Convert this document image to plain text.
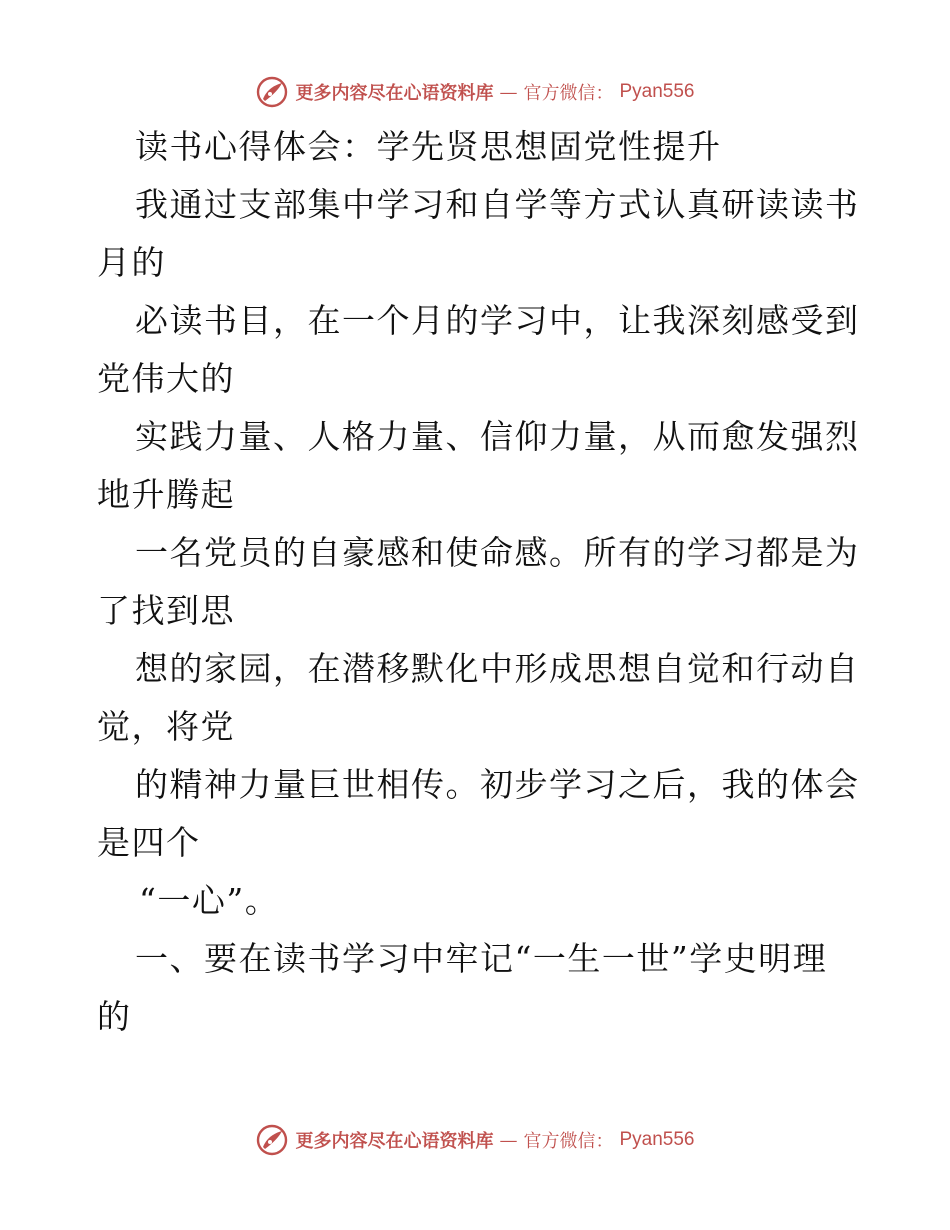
更多内容尽在心语资料库 — 官方微信： Pyan556
读书心得体会：学先贤思想固党性提升
我通过支部集中学习和自学等方式认真研读读书
月的
必读书目，在一个月的学习中，让我深刻感受到
党伟大的
实践力量、人格力量、信仰力量，从而愈发强烈
地升腾起
一名党员的自豪感和使命感。所有的学习都是为
了找到思
想的家园，在潜移默化中形成思想自觉和行动自
觉，将党
的精神力量巨世相传。初步学习之后，我的体会
是四个
“一心”。
一、要在读书学习中牢记“一生一世”学史明理
的
更多内容尽在心语资料库 — 官方微信： Pyan556
